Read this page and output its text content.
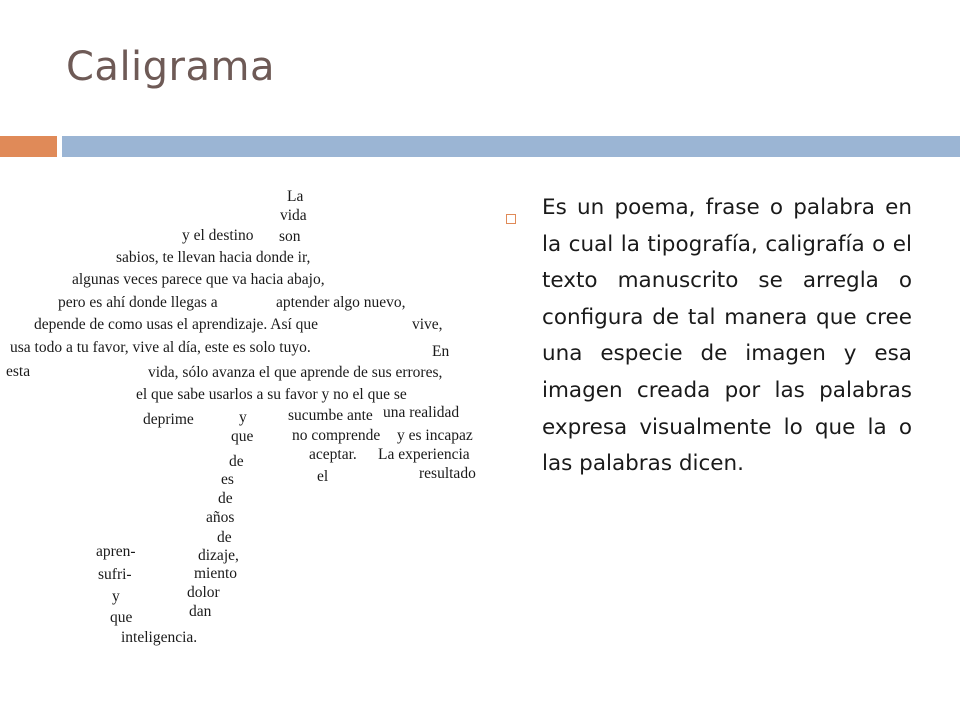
Caligrama
La
vida
y el destino son
sabios, te llevan hacia donde ir,
algunas veces parece que va hacia abajo,
pero es ahí donde llegas a	aptender algo nuevo,
depende de como usas el aprendizaje. Así que	vive,
usa todo a tu favor, vive al día, este es solo tuyo.	En
esta	vida, sólo avanza el que aprende de sus errores,
el que sabe usarlos a su favor y no el que se
sucumbe ante una realidad
deprime	y
no comprende y es incapaz
que
aceptar. La experiencia
de
el	resultado
es
de
años
apren-
de
dizaje,
sufri-	miento
y	dolor
que	dan
inteligencia.

Es un poema, frase o palabra en la cual la tipografía, caligrafía o el texto manuscrito se arregla o configura de tal manera que cree una especie de imagen y esa imagen creada por las palabras expresa visualmente lo que la o las palabras dicen.
